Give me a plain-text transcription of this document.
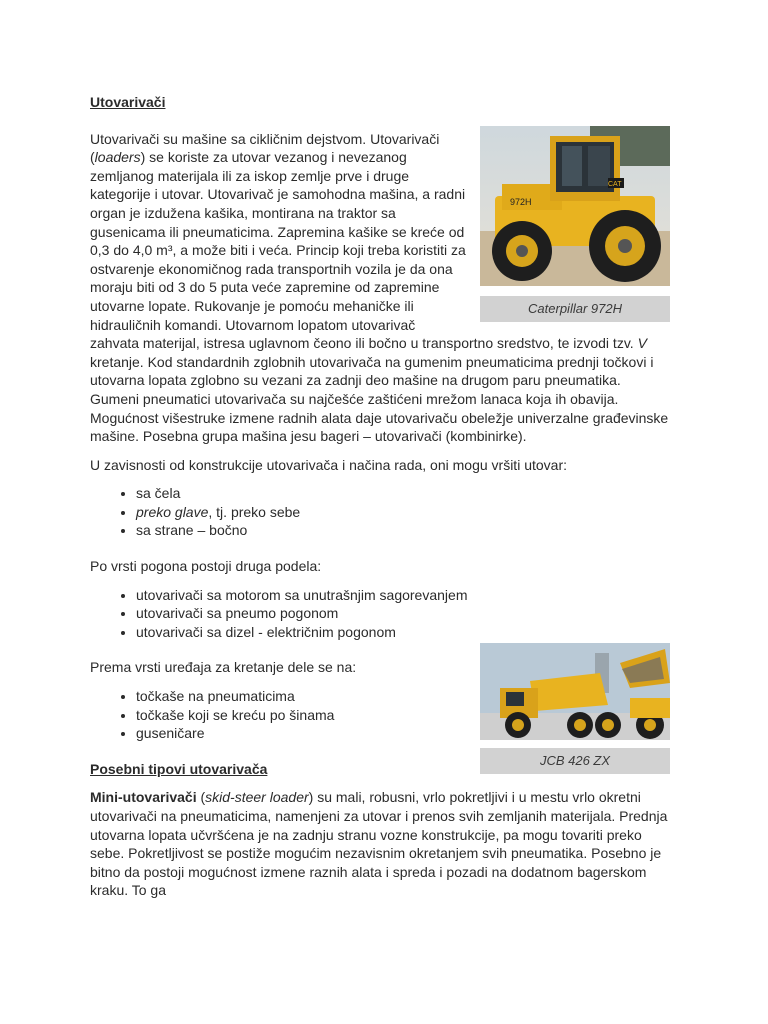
Utovarivači
972H
CAT
Caterpillar 972H

Utovarivači su mašine sa cikličnim dejstvom. Utovarivači (loaders) se koriste za utovar vezanog i nevezanog zemljanog materijala ili za iskop zemlje prve i druge kategorije i utovar. Utovarivač je samohodna mašina, a radni organ je izdužena kašika, montirana na traktor sa gusenicama ili pneumaticima. Zapremina kašike se kreće od 0,3 do 4,0 m³, a može biti i veća. Princip koji treba koristiti za ostvarenje ekonomičnog rada transportnih vozila je da ona moraju biti od 3 do 5 puta veće zapremine od zapremine utovarne lopate. Rukovanje je pomoću mehaničke ili hidrauličnih komandi. Utovarnom lopatom utovarivač zahvata materijal, istresa uglavnom čeono ili bočno u transportno sredstvo, te izvodi tzv. V kretanje. Kod standardnih zglobnih utovarivača na gumenim pneumaticima prednji točkovi i utovarna lopata zglobno su vezani za zadnji deo mašine na drugom paru pneumatika. Gumeni pneumatici utovarivača su najčešće zaštićeni mrežom lanaca koja ih obavija. Mogućnost višestruke izmene radnih alata daje utovarivaču obeležje univerzalne građevinske mašine. Posebna grupa mašina jesu bageri – utovarivači (kombinirke).

U zavisnosti od konstrukcije utovarivača i načina rada, oni mogu vršiti utovar:

• sa čela
• preko glave, tj. preko sebe
• sa strane – bočno

Po vrsti pogona postoji druga podela:

• utovarivači sa motorom sa unutrašnjim sagorevanjem
• utovarivači sa pneumo pogonom
• utovarivači sa dizel - električnim pogonom

Prema vrsti uređaja za kretanje dele se na:

JCB 426 ZX
• točkaše na pneumaticima
• točkaše koji se kreću po šinama
• guseničare
Posebni tipovi utovarivača

Mini-utovarivači (skid-steer loader) su mali, robusni, vrlo pokretljivi i u mestu vrlo okretni utovarivači na pneumaticima, namenjeni za utovar i prenos svih zemljanih materijala. Prednja utovarna lopata učvršćena je na zadnju stranu vozne konstrukcije, pa mogu tovariti preko sebe. Pokretljivost se postiže mogućim nezavisnim okretanjem svih pneumatika. Posebno je bitno da postoji mogućnost izmene raznih alata i spreda i pozadi na dodatnom bagerskom kraku. To ga
